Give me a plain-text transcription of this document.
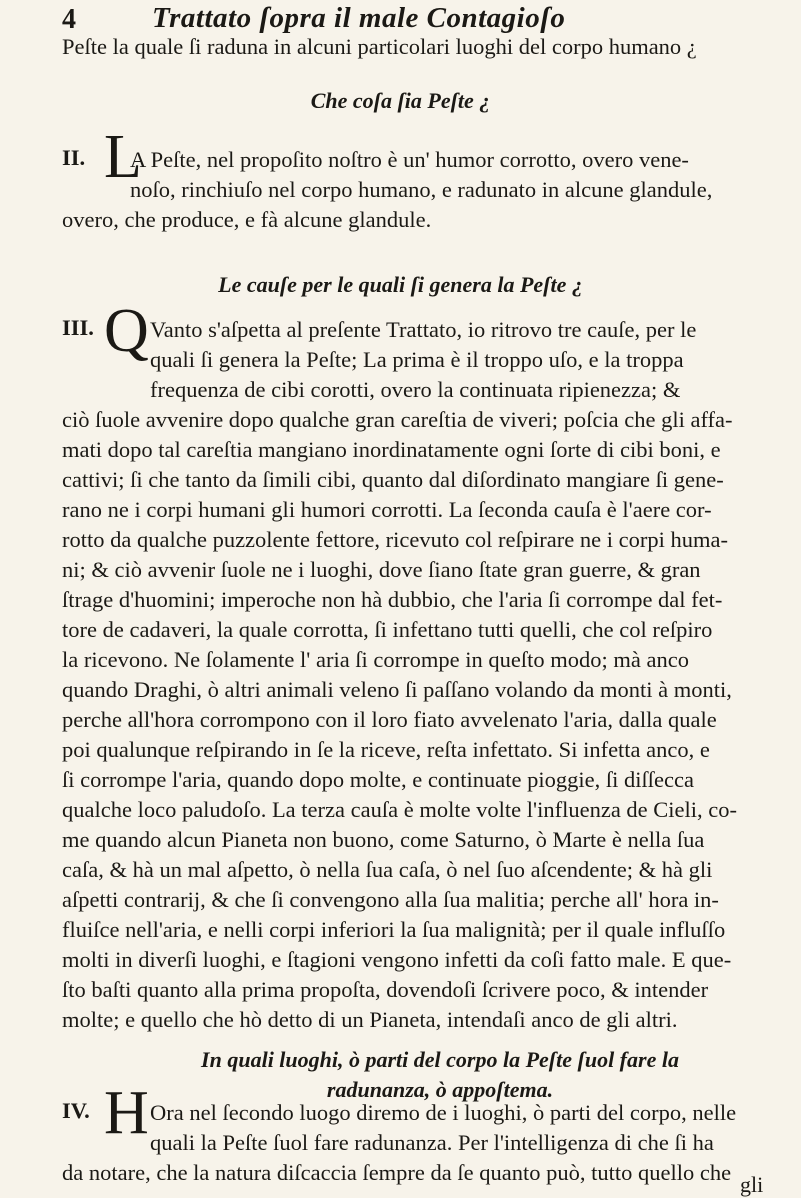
4	Trattato ſopra il male Contagioſo
Peſte la quale ſi raduna in alcuni particolari luoghi del corpo humano ¿
Che coſa ſia Peſte ¿
II. L
A Peſte, nel propoſito noſtro è un' humor corrotto, overo vene-
noſo, rinchiuſo nel corpo humano, e radunato in alcune glandule,
overo, che produce, e fà alcune glandule.
Le cauſe per le quali ſi genera la Peſte ¿
III. Q Vanto s'aſpetta al preſente Trattato, io ritrovo tre cauſe, per le
quali ſi genera la Peſte; La prima è il troppo uſo, e la troppa
frequenza de cibi corotti, overo la continuata ripienezza; &
ciò ſuole avvenire dopo qualche gran careſtia de viveri; poſcia che gli affa-
mati dopo tal careſtia mangiano inordinatamente ogni ſorte di cibi boni, e
cattivi; ſi che tanto da ſimili cibi, quanto dal diſordinato mangiare ſi gene-
rano ne i corpi humani gli humori corrotti. La ſeconda cauſa è l'aere cor-
rotto da qualche puzzolente fettore, ricevuto col reſpirare ne i corpi huma-
ni; & ciò avvenir ſuole ne i luoghi, dove ſiano ſtate gran guerre, & gran
ſtrage d'huomini; imperoche non hà dubbio, che l'aria ſi corrompe dal fet-
tore de cadaveri, la quale corrotta, ſi infettano tutti quelli, che col reſpiro
la ricevono. Ne ſolamente l' aria ſi corrompe in queſto modo; mà anco
quando Draghi, ò altri animali veleno ſi paſſano volando da monti à monti,
perche all'hora corrompono con il loro fiato avvelenato l'aria, dalla quale
poi qualunque reſpirando in ſe la riceve, reſta infettato. Si infetta anco, e
ſi corrompe l'aria, quando dopo molte, e continuate pioggie, ſi diſſecca
qualche loco paludoſo. La terza cauſa è molte volte l'influenza de Cieli, co-
me quando alcun Pianeta non buono, come Saturno, ò Marte è nella ſua
caſa, & hà un mal aſpetto, ò nella ſua caſa, ò nel ſuo aſcendente; & hà gli
aſpetti contrarij, & che ſi convengono alla ſua malitia; perche all' hora in-
fluiſce nell'aria, e nelli corpi inferiori la ſua malignità; per il quale influſſo
molti in diverſi luoghi, e ſtagioni vengono infetti da coſi fatto male. E que-
ſto baſti quanto alla prima propoſta, dovendoſi ſcrivere poco, & intender
molte; e quello che hò detto di un Pianeta, intendaſi anco de gli altri.
In quali luoghi, ò parti del corpo la Peſte ſuol fare la radunanza, ò appoſtema.
IV. H Ora nel ſecondo luogo diremo de i luoghi, ò parti del corpo, nelle
quali la Peſte ſuol fare radunanza. Per l'intelligenza di che ſi ha
da notare, che la natura diſcaccia ſempre da ſe quanto può, tutto quello che gli
